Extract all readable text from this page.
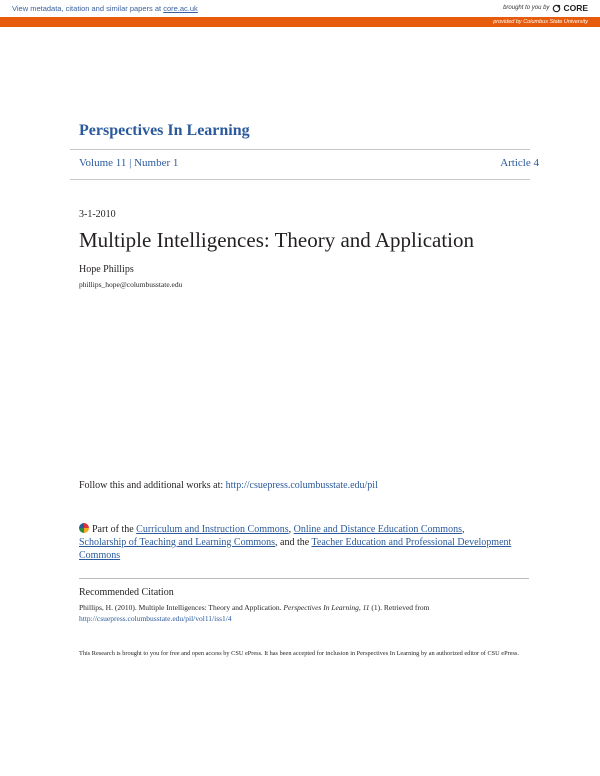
View metadata, citation and similar papers at core.ac.uk	brought to you by CORE
provided by Columbus State University
Perspectives In Learning
Volume 11 | Number 1	Article 4
3-1-2010
Multiple Intelligences: Theory and Application
Hope Phillips
phillips_hope@columbusstate.edu
Follow this and additional works at: http://csuepress.columbusstate.edu/pil
Part of the Curriculum and Instruction Commons, Online and Distance Education Commons,
Scholarship of Teaching and Learning Commons, and the Teacher Education and Professional Development Commons
Recommended Citation
Phillips, H. (2010). Multiple Intelligences: Theory and Application. Perspectives In Learning, 11 (1). Retrieved from
http://csuepress.columbusstate.edu/pil/vol11/iss1/4
This Research is brought to you for free and open access by CSU ePress. It has been accepted for inclusion in Perspectives In Learning by an authorized editor of CSU ePress.
